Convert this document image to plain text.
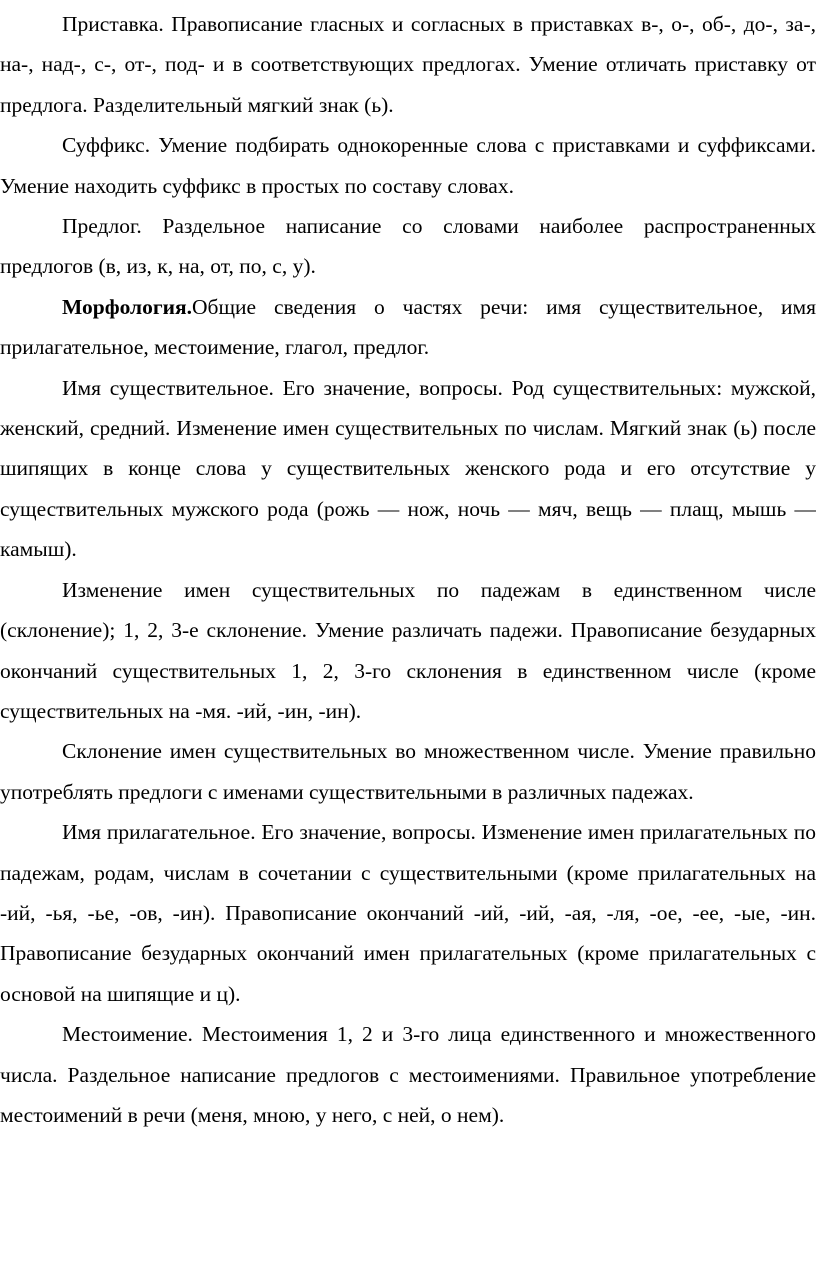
Приставка. Правописание гласных и согласных в приставках в-, о-, об-, до-, за-, на-, над-, с-, от-, под- и в соответствующих предлогах. Умение отличать приставку от предлога. Разделительный мягкий знак (ь).

Суффикс. Умение подбирать однокоренные слова с приставками и суффиксами. Умение находить суффикс в простых по составу словах.

Предлог. Раздельное написание со словами наиболее распространенных предлогов (в, из, к, на, от, по, с, у).

Морфология.Общие сведения о частях речи: имя существительное, имя прилагательное, местоимение, глагол, предлог.

Имя существительное. Его значение, вопросы. Род существительных: мужской, женский, средний. Изменение имен существительных по числам. Мягкий знак (ь) после шипящих в конце слова у существительных женского рода и его отсутствие у существительных мужского рода (рожь — нож, ночь — мяч, вещь — плащ, мышь — камыш).

Изменение имен существительных по падежам в единственном числе (склонение); 1, 2, 3-е склонение. Умение различать падежи. Правописание безударных окончаний существительных 1, 2, 3-го склонения в единственном числе (кроме существительных на -мя. -ий, -ин, -ин).

Склонение имен существительных во множественном числе. Умение правильно употреблять предлоги с именами существительными в различных падежах.

Имя прилагательное. Его значение, вопросы. Изменение имен прилагательных по падежам, родам, числам в сочетании с существительными (кроме прилагательных на -ий, -ья, -ье, -ов, -ин). Правописание окончаний -ий, -ий, -ая, -ля, -ое, -ее, -ые, -ин. Правописание безударных окончаний имен прилагательных (кроме прилагательных с основой на шипящие и ц).

Местоимение. Местоимения 1, 2 и 3-го лица единственного и множественного числа. Раздельное написание предлогов с местоимениями. Правильное употребление местоимений в речи (меня, мною, у него, с ней, о нем).
